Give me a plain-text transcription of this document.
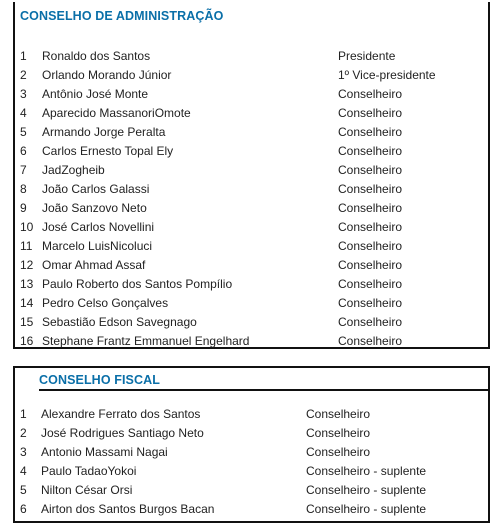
CONSELHO DE ADMINISTRAÇÃO
1 Ronaldo dos Santos	Presidente
2 Orlando Morando Júnior	1º Vice-presidente
3 Antônio José Monte	Conselheiro
4 Aparecido MassanoriOmote	Conselheiro
5 Armando Jorge Peralta	Conselheiro
6 Carlos Ernesto Topal Ely	Conselheiro
7 JadZogheib	Conselheiro
8 João Carlos Galassi	Conselheiro
9 João Sanzovo Neto	Conselheiro
10 José Carlos Novellini	Conselheiro
11 Marcelo LuisNicoluci	Conselheiro
12 Omar Ahmad Assaf	Conselheiro
13 Paulo Roberto dos Santos Pompílio	Conselheiro
14 Pedro Celso Gonçalves	Conselheiro
15 Sebastião Edson Savegnago	Conselheiro
16 Stephane Frantz Emmanuel Engelhard	Conselheiro
CONSELHO FISCAL
1 Alexandre Ferrato dos Santos	Conselheiro
2 José Rodrigues Santiago Neto	Conselheiro
3 Antonio Massami Nagai	Conselheiro
4 Paulo TadaoYokoi	Conselheiro - suplente
5 Nilton César Orsi	Conselheiro - suplente
6 Airton dos Santos Burgos Bacan	Conselheiro - suplente
